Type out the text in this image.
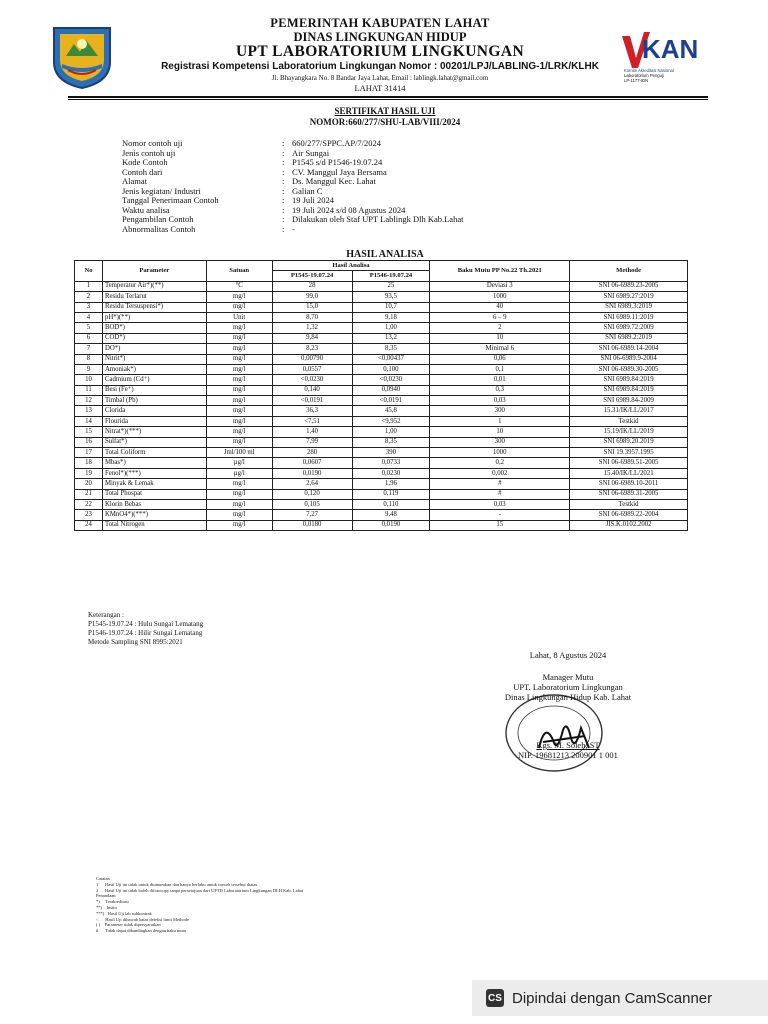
PEMERINTAH KABUPATEN LAHAT
DINAS LINGKUNGAN HIDUP
UPT LABORATORIUM LINGKUNGAN
Registrasi Kompetensi Laboratorium Lingkungan Nomor : 00201/LPJ/LABLING-1/LRK/KLHK
Jl. Bhayangkara No. 8 Bandar Jaya Lahat, Email : lablingk.lahat@gmail.com
LAHAT 31414
KAN
Komite Akreditasi Nasional
Laboratorium Penguji
LP-1177-IDN
SERTIFIKAT HASIL UJI
NOMOR:660/277/SHU-LAB/VIII/2024
Nomor contoh uji	: 660/277/SPPC.AP/7/2024
Jenis contoh uji	: Air Sungai
Kode Contoh	: P1545 s/d P1546-19.07.24
Contoh dari	: CV. Manggul Jaya Bersama
Alamat	: Ds. Manggul Kec. Lahat
Jenis kegiatan/ Industri	: Galian C
Tanggal Penerimaan Contoh	: 19 Juli 2024
Waktu analisa	: 19 Juli 2024 s/d 08 Agustus 2024
Pengambilan Contoh	: Dilakukan oleh Staf UPT Lablingk Dlh Kab.Lahat
Abnormalitas Contoh	: -
HASIL ANALISA
No	Parameter	Satuan	Hasil Analisa		Baku Mutu PP No.22 Th.2021	Methode
			P1545-19.07.24	P1546-19.07.24		
1	Temperatur Air*)(**)	°C	28	25	Deviasi 3	SNI 06-6989.23-2005
2	Residu Terlarut	mg/l	99,0	93,5	1000	SNI 6989.27:2019
3	Residu Tersuspensi*)	mg/l	15,0	10,7	40	SNI 6989.3:2019
4	pH*)(**)	Unit	8,70	9,18	6 – 9	SNI 6989.11:2019
5	BOD*)	mg/l	1,32	1,00	2	SNI 6989.72:2009
6	COD*)	mg/l	9,84	13,2	10	SNI 6989.2:2019
7	DO*)	mg/l	8,23	8,35	Minimal 6	SNI 06-6989.14-2004
8	Nitrit*)	mg/l	0,00790	<0,00437	0,06	SNI 06-6989.9-2004
9	Amoniak*)	mg/l	0,0557	0,100	0,1	SNI 06-6989.30-2005
10	Cadmium (Cd⁺)	mg/l	<0,0230	<0,0230	0,01	SNI 6989.84:2019
11	Besi (Fe⁺)	mg/l	0,140	0,0940	0,3	SNI 6989.84:2019
12	Timbal (Pb)	mg/l	<0,0191	<0,0191	0,03	SNI 6989.84-2009
13	Clorida	mg/l	36,3	45,8	300	15.31/IK/LL/2017
14	Flourida	mg/l	<7,51	<9,952	1	Testkid
15	Nitrat*)(***)	mg/l	1,40	1,00	10	15.19/IK/LL/2019
16	Sulfat*)	mg/l	7,99	8,35	300	SNI 6989.20.2019
17	Total Coliform	Jml/100 ml	280	390	1000	SNI 19.3957.1995
18	Mbas*)	µg/l	0,0607	0,0733	0,2	SNI 06-6989.51-2005
19	Fenol*)(***)	µg/l	0,0190	0,0230	0,002	15.40/IK/LL/2021
20	Minyak & Lemak	mg/l	2,64	1,96	#	SNI 06-6989.10-2011
21	Total Phospat	mg/l	0,120	0,119	#	SNI 06-6989.31-2005
22	Klorin Bebas	mg/l	0,105	0,110	0,03	Testkid
23	KMnO4*)(***)	mg/l	7,27	9,48	-	SNI 06-6989.22-2004
24	Total Nitrogen	mg/l	0,0180	0,0190	15	JIS.K.0102.2002
Keterangan :
P1545-19.07.24 : Hulu Sungai Lematang
P1546-19.07.24 : Hilir Sungai Lematang
Metode Sampling SNI 8995:2021
Lahat, 8 Agustus 2024
Manager Mutu
UPT. Laboratorium Lingkungan
Dinas Lingkungan Hidup Kab. Lahat
Kgs. M. Soleh, ST
NIP. 19681213 200901 1 001
Catatan
1      Hasil Uji ini tidak untuk diumumkan dan hanya berlaku untuk contoh tersebut diatas
2      Hasil Uji ini tidak boleh difotocopy tanpa persetujuan dari UPTD Laboratorium Lingkungan DLH Kab. Lahat
Penandaan
*)     Terakreditasi
**)    Insitu
***)   Hasil Uji lab subkontrak
<      Hasil Uji dibawah batas deteksi limit Methode
( )    Parameter tidak dipersyaratkan
#      Tidak dapat dibandingkan dengan baku mutu
CS Dipindai dengan CamScanner
